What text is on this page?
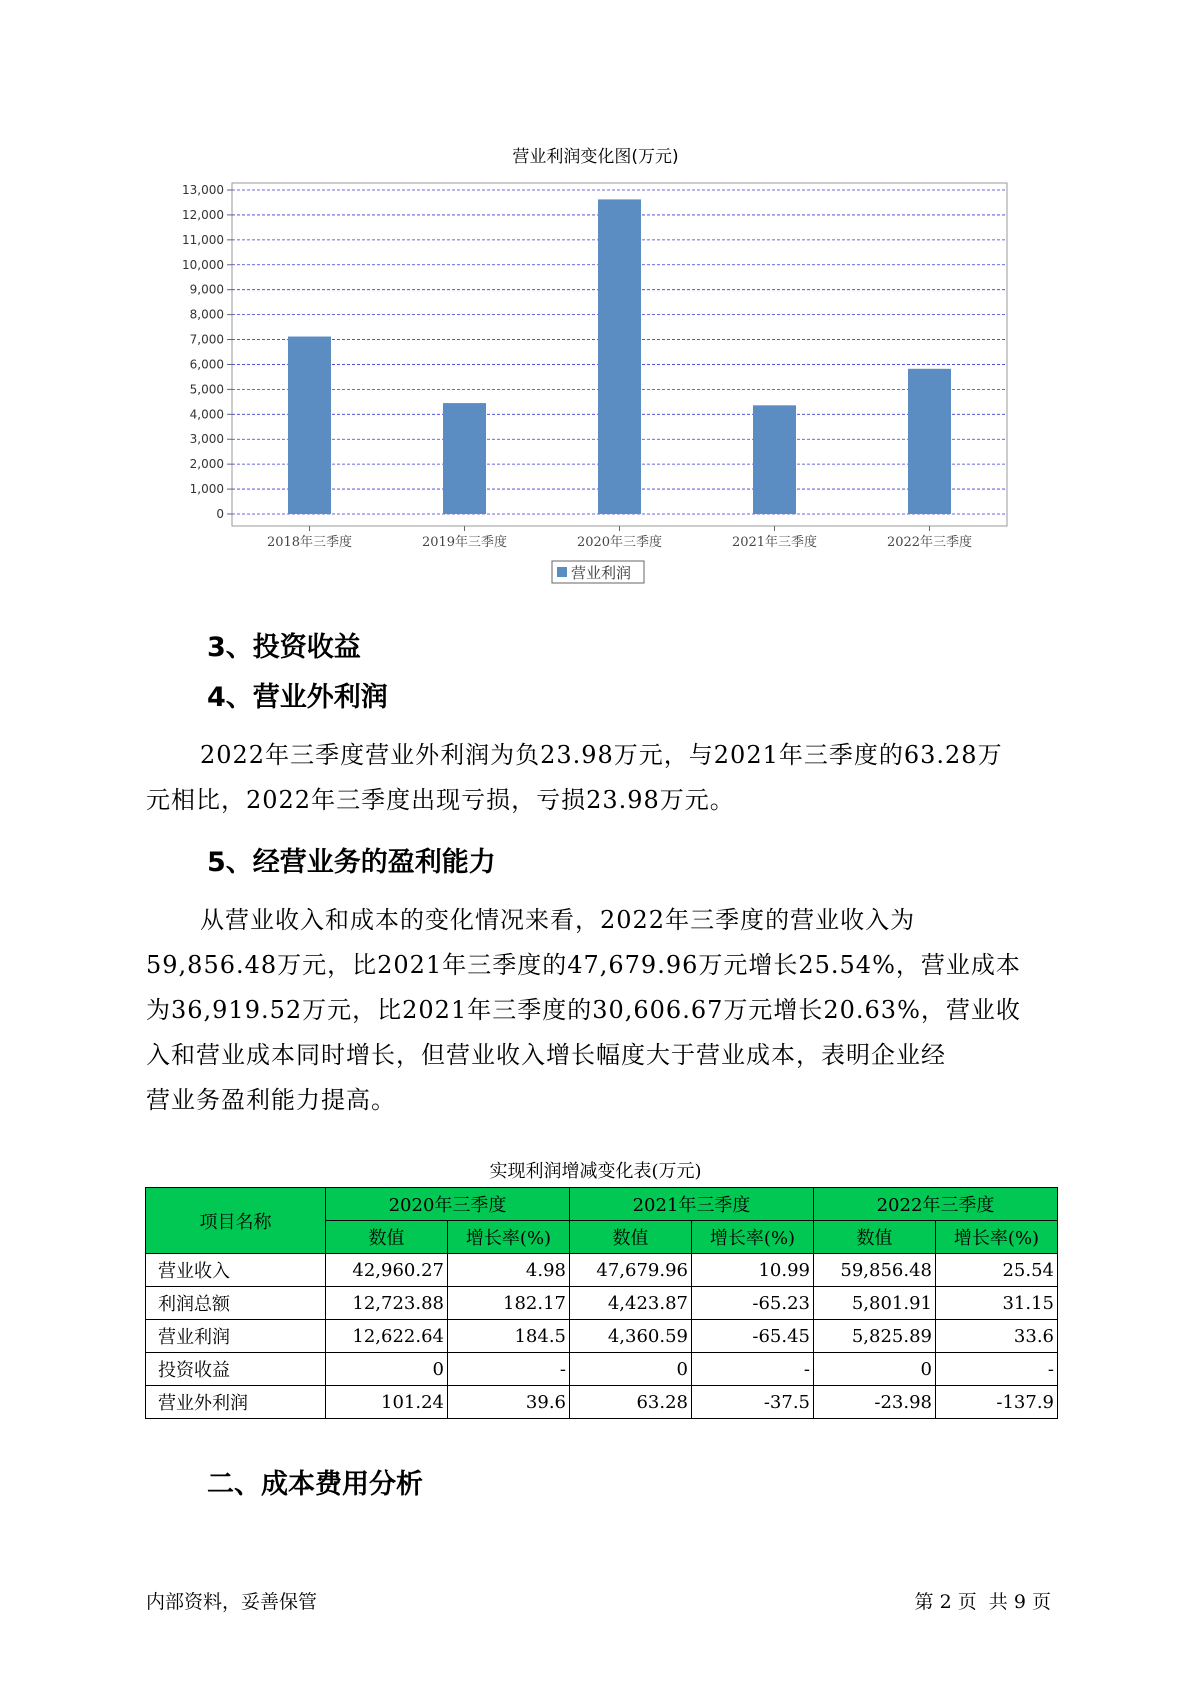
营业利润变化图(万元)
0
1,000
2,000
3,000
4,000
5,000
6,000
7,000
8,000
9,000
10,000
11,000
12,000
13,000
2018年三季度	2019年三季度	2020年三季度	2021年三季度	2022年三季度
营业利润
3、投资收益
4、营业外利润
2022年三季度营业外利润为负23.98万元，与2021年三季度的63.28万
元相比，2022年三季度出现亏损，亏损23.98万元。
5、经营业务的盈利能力
从营业收入和成本的变化情况来看，2022年三季度的营业收入为
59,856.48万元，比2021年三季度的47,679.96万元增长25.54%，营业成本
为36,919.52万元，比2021年三季度的30,606.67万元增长20.63%，营业收
入和营业成本同时增长，但营业收入增长幅度大于营业成本，表明企业经
营业务盈利能力提高。
实现利润增减变化表(万元)
项目名称	2020年三季度		2021年三季度		2022年三季度	
	数值	增长率(%)	数值	增长率(%)	数值	增长率(%)
营业收入	42,960.27	4.98	47,679.96	10.99	59,856.48	25.54
利润总额	12,723.88	182.17	4,423.87	-65.23	5,801.91	31.15
营业利润	12,622.64	184.5	4,360.59	-65.45	5,825.89	33.6
投资收益	0	-	0	-	0	-
营业外利润	101.24	39.6	63.28	-37.5	-23.98	-137.9
二、成本费用分析
内部资料，妥善保管	第 2 页  共 9 页
